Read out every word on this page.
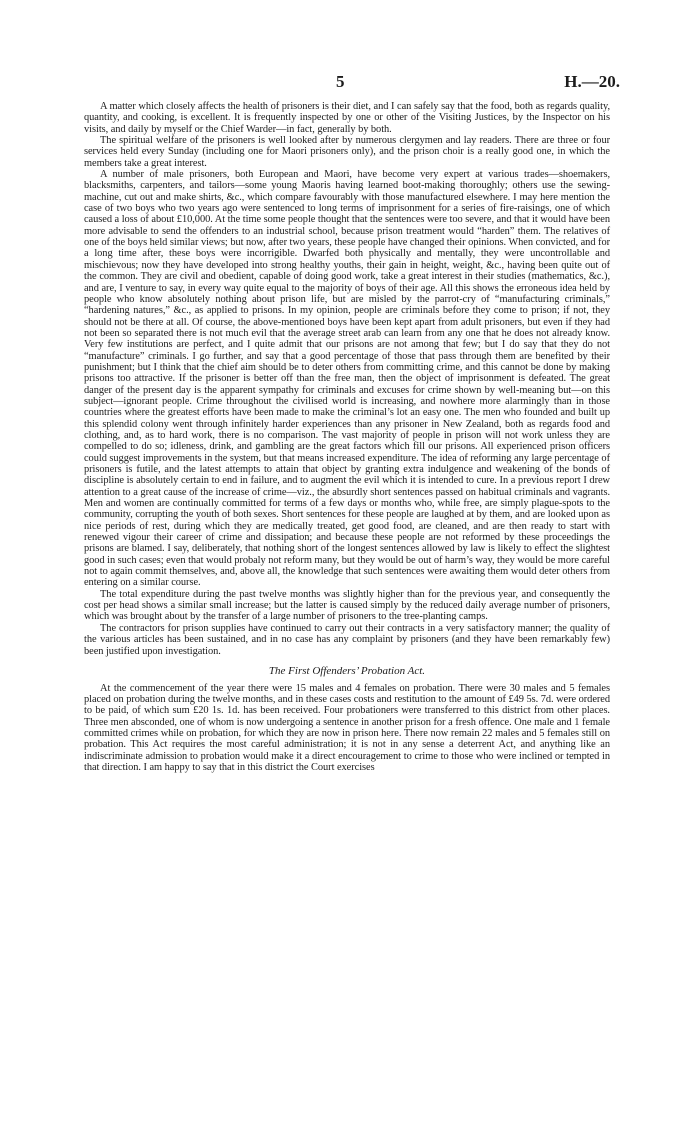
5	H.—20.

A matter which closely affects the health of prisoners is their diet, and I can safely say that the food, both as regards quality, quantity, and cooking, is excellent. It is frequently inspected by one or other of the Visiting Justices, by the Inspector on his visits, and daily by myself or the Chief Warder—in fact, generally by both.

The spiritual welfare of the prisoners is well looked after by numerous clergymen and lay readers. There are three or four services held every Sunday (including one for Maori prisoners only), and the prison choir is a really good one, in which the members take a great interest.

A number of male prisoners, both European and Maori, have become very expert at various trades—shoemakers, blacksmiths, carpenters, and tailors—some young Maoris having learned boot-making thoroughly; others use the sewing-machine, cut out and make shirts, &c., which compare favourably with those manufactured elsewhere. I may here mention the case of two boys who two years ago were sentenced to long terms of imprisonment for a series of fire-raisings, one of which caused a loss of about £10,000. At the time some people thought that the sentences were too severe, and that it would have been more advisable to send the offenders to an industrial school, because prison treatment would “harden” them. The relatives of one of the boys held similar views; but now, after two years, these people have changed their opinions. When convicted, and for a long time after, these boys were incorrigible. Dwarfed both physically and mentally, they were uncontrollable and mischievous; now they have developed into strong healthy youths, their gain in height, weight, &c., having been quite out of the common. They are civil and obedient, capable of doing good work, take a great interest in their studies (mathematics, &c.), and are, I venture to say, in every way quite equal to the majority of boys of their age. All this shows the erroneous idea held by people who know absolutely nothing about prison life, but are misled by the parrot-cry of “manufacturing criminals,” “hardening natures,” &c., as applied to prisons. In my opinion, people are criminals before they come to prison; if not, they should not be there at all. Of course, the above-mentioned boys have been kept apart from adult prisoners, but even if they had not been so separated there is not much evil that the average street arab can learn from any one that he does not already know. Very few institutions are perfect, and I quite admit that our prisons are not among that few; but I do say that they do not “manufacture” criminals. I go further, and say that a good percentage of those that pass through them are benefited by their punishment; but I think that the chief aim should be to deter others from committing crime, and this cannot be done by making prisons too attractive. If the prisoner is better off than the free man, then the object of imprisonment is defeated. The great danger of the present day is the apparent sympathy for criminals and excuses for crime shown by well-meaning but—on this subject—ignorant people. Crime throughout the civilised world is increasing, and nowhere more alarmingly than in those countries where the greatest efforts have been made to make the criminal’s lot an easy one. The men who founded and built up this splendid colony went through infinitely harder experiences than any prisoner in New Zealand, both as regards food and clothing, and, as to hard work, there is no comparison. The vast majority of people in prison will not work unless they are compelled to do so; idleness, drink, and gambling are the great factors which fill our prisons. All experienced prison officers could suggest improvements in the system, but that means increased expenditure. The idea of reforming any large percentage of prisoners is futile, and the latest attempts to attain that object by granting extra indulgence and weakening of the bonds of discipline is absolutely certain to end in failure, and to augment the evil which it is intended to cure. In a previous report I drew attention to a great cause of the increase of crime—viz., the absurdly short sentences passed on habitual criminals and vagrants. Men and women are continually committed for terms of a few days or months who, while free, are simply plague-spots to the community, corrupting the youth of both sexes. Short sentences for these people are laughed at by them, and are looked upon as nice periods of rest, during which they are medically treated, get good food, are cleaned, and are then ready to start with renewed vigour their career of crime and dissipation; and because these people are not reformed by these proceedings the prisons are blamed. I say, deliberately, that nothing short of the longest sentences allowed by law is likely to effect the slightest good in such cases; even that would probaly not reform many, but they would be out of harm’s way, they would be more careful not to again commit themselves, and, above all, the knowledge that such sentences were awaiting them would deter others from entering on a similar course.

The total expenditure during the past twelve months was slightly higher than for the previous year, and consequently the cost per head shows a similar small increase; but the latter is caused simply by the reduced daily average number of prisoners, which was brought about by the transfer of a large number of prisoners to the tree-planting camps.

The contractors for prison supplies have continued to carry out their contracts in a very satisfactory manner; the quality of the various articles has been sustained, and in no case has any complaint by prisoners (and they have been remarkably few) been justified upon investigation.

The First Offenders’ Probation Act.

At the commencement of the year there were 15 males and 4 females on probation. There were 30 males and 5 females placed on probation during the twelve months, and in these cases costs and restitution to the amount of £49 5s. 7d. were ordered to be paid, of which sum £20 1s. 1d. has been received. Four probationers were transferred to this district from other places. Three men absconded, one of whom is now undergoing a sentence in another prison for a fresh offence. One male and 1 female committed crimes while on probation, for which they are now in prison here. There now remain 22 males and 5 females still on probation. This Act requires the most careful administration; it is not in any sense a deterrent Act, and anything like an indiscriminate admission to probation would make it a direct encouragement to crime to those who were inclined or tempted in that direction. I am happy to say that in this district the Court exercises
